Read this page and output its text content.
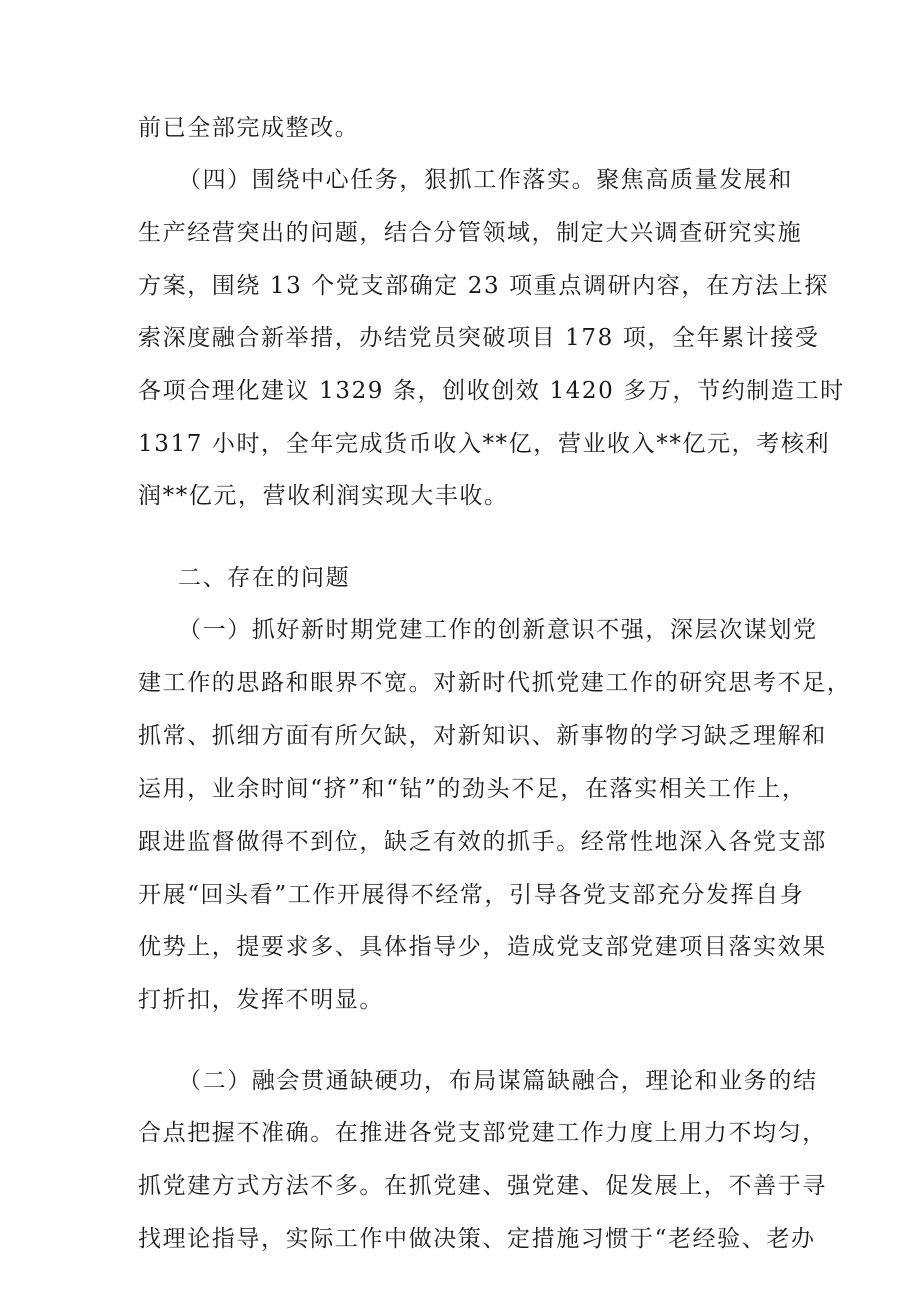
前已全部完成整改。
（四）围绕中心任务，狠抓工作落实。聚焦高质量发展和
生产经营突出的问题，结合分管领域，制定大兴调查研究实施
方案，围绕 13 个党支部确定 23 项重点调研内容，在方法上探
索深度融合新举措，办结党员突破项目 178 项，全年累计接受
各项合理化建议 1329 条，创收创效 1420 多万，节约制造工时
1317 小时，全年完成货币收入**亿，营业收入**亿元，考核利
润**亿元，营收利润实现大丰收。
二、存在的问题
（一）抓好新时期党建工作的创新意识不强，深层次谋划党
建工作的思路和眼界不宽。对新时代抓党建工作的研究思考不足，
抓常、抓细方面有所欠缺，对新知识、新事物的学习缺乏理解和
运用，业余时间“挤”和“钻”的劲头不足，在落实相关工作上，
跟进监督做得不到位，缺乏有效的抓手。经常性地深入各党支部
开展“回头看”工作开展得不经常，引导各党支部充分发挥自身
优势上，提要求多、具体指导少，造成党支部党建项目落实效果
打折扣，发挥不明显。
（二）融会贯通缺硬功，布局谋篇缺融合，理论和业务的结
合点把握不准确。在推进各党支部党建工作力度上用力不均匀，
抓党建方式方法不多。在抓党建、强党建、促发展上，不善于寻
找理论指导，实际工作中做决策、定措施习惯于“老经验、老办
